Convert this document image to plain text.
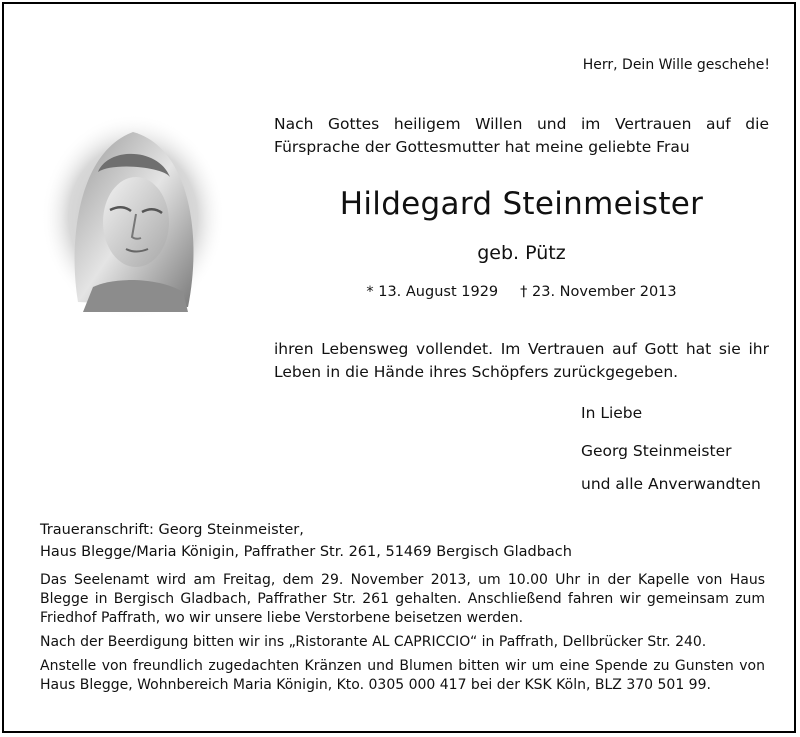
Herr, Dein Wille geschehe!
Nach Gottes heiligem Willen und im Vertrauen auf die
Fürsprache der Gottesmutter hat meine geliebte Frau
Hildegard Steinmeister
geb. Pütz
* 13. August 1929 † 23. November 2013
ihren Lebensweg vollendet. Im Vertrauen auf Gott hat sie ihr
Leben in die Hände ihres Schöpfers zurückgegeben.
In Liebe
Georg Steinmeister
und alle Anverwandten
Traueranschrift: Georg Steinmeister,
Haus Blegge/Maria Königin, Paffrather Str. 261, 51469 Bergisch Gladbach

Das Seelenamt wird am Freitag, dem 29. November 2013, um 10.00 Uhr in der Kapelle von Haus Blegge in Bergisch Gladbach, Paffrather Str. 261 gehalten. Anschließend fahren wir gemeinsam zum Friedhof Paffrath, wo wir unsere liebe Verstorbene beisetzen werden.

Nach der Beerdigung bitten wir ins „Ristorante AL CAPRICCIO“ in Paffrath, Dellbrücker Str. 240.

Anstelle von freundlich zugedachten Kränzen und Blumen bitten wir um eine Spende zu Gunsten von Haus Blegge, Wohnbereich Maria Königin, Kto. 0305 000 417 bei der KSK Köln, BLZ 370 501 99.
